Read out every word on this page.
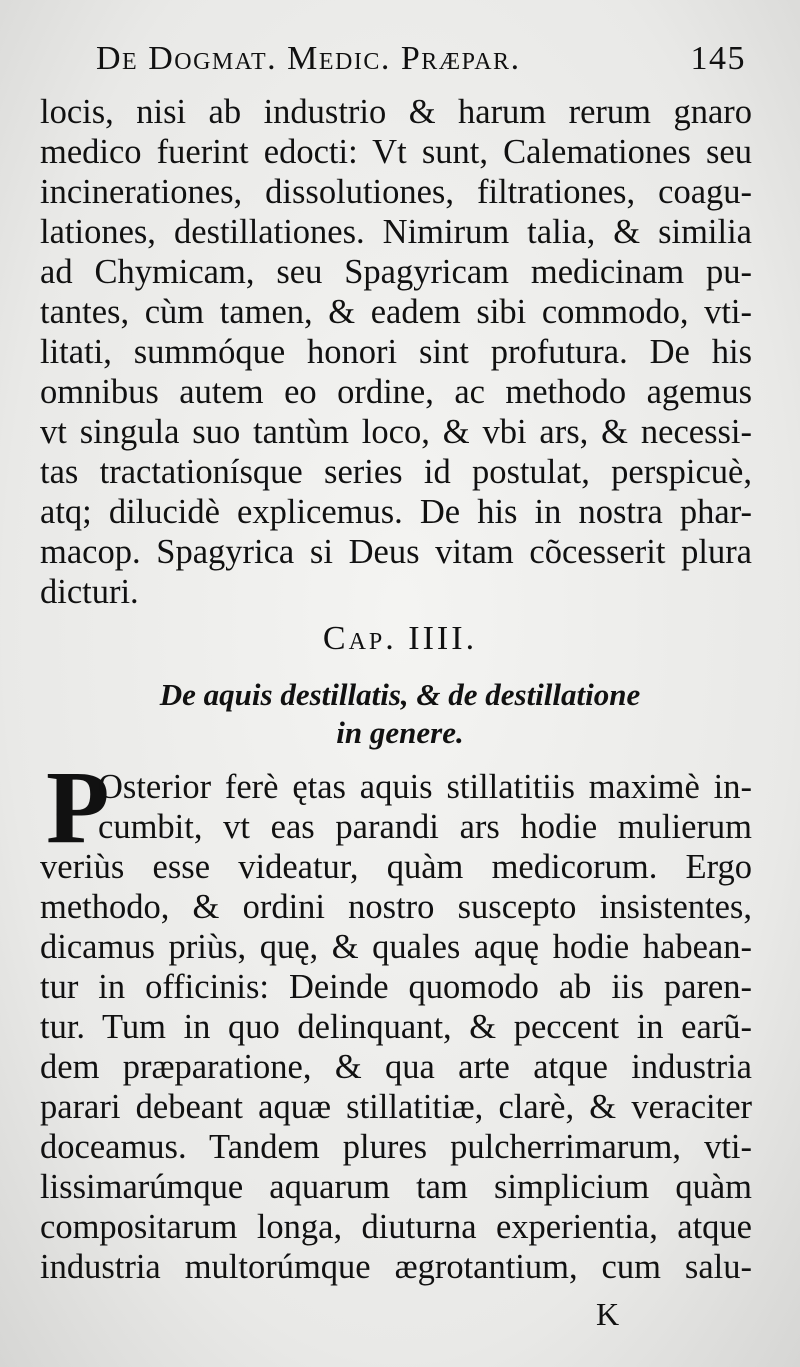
De Dogmat. Medic. Præpar.	145
locis, nisi ab industrio & harum rerum gnaro
medico fuerint edocti: Vt sunt, Calemationes seu
incinerationes, dissolutiones, filtrationes, coagu-
lationes, destillationes. Nimirum talia, & similia
ad Chymicam, seu Spagyricam medicinam pu-
tantes, cùm tamen, & eadem sibi commodo, vti-
litati, summóque honori sint profutura. De his
omnibus autem eo ordine, ac methodo agemus
vt singula suo tantùm loco, & vbi ars, & necessi-
tas tractationísque series id postulat, perspicuè,
atq; dilucidè explicemus. De his in nostra phar-
macop. Spagyrica si Deus vitam cõcesserit plura
dicturi.
Cap. IIII.
De aquis destillatis, & de destillatione
in genere.
P
Osterior ferè ętas aquis stillatitiis maximè in-
cumbit, vt eas parandi ars hodie mulierum
veriùs esse videatur, quàm medicorum. Ergo
methodo, & ordini nostro suscepto insistentes,
dicamus priùs, quę, & quales aquę hodie habean-
tur in officinis: Deinde quomodo ab iis paren-
tur. Tum in quo delinquant, & peccent in earũ-
dem præparatione, & qua arte atque industria
parari debeant aquæ stillatitiæ, clarè, & veraciter
doceamus. Tandem plures pulcherrimarum, vti-
lissimarúmque aquarum tam simplicium quàm
compositarum longa, diuturna experientia, atque
industria multorúmque ægrotantium, cum salu-
K
